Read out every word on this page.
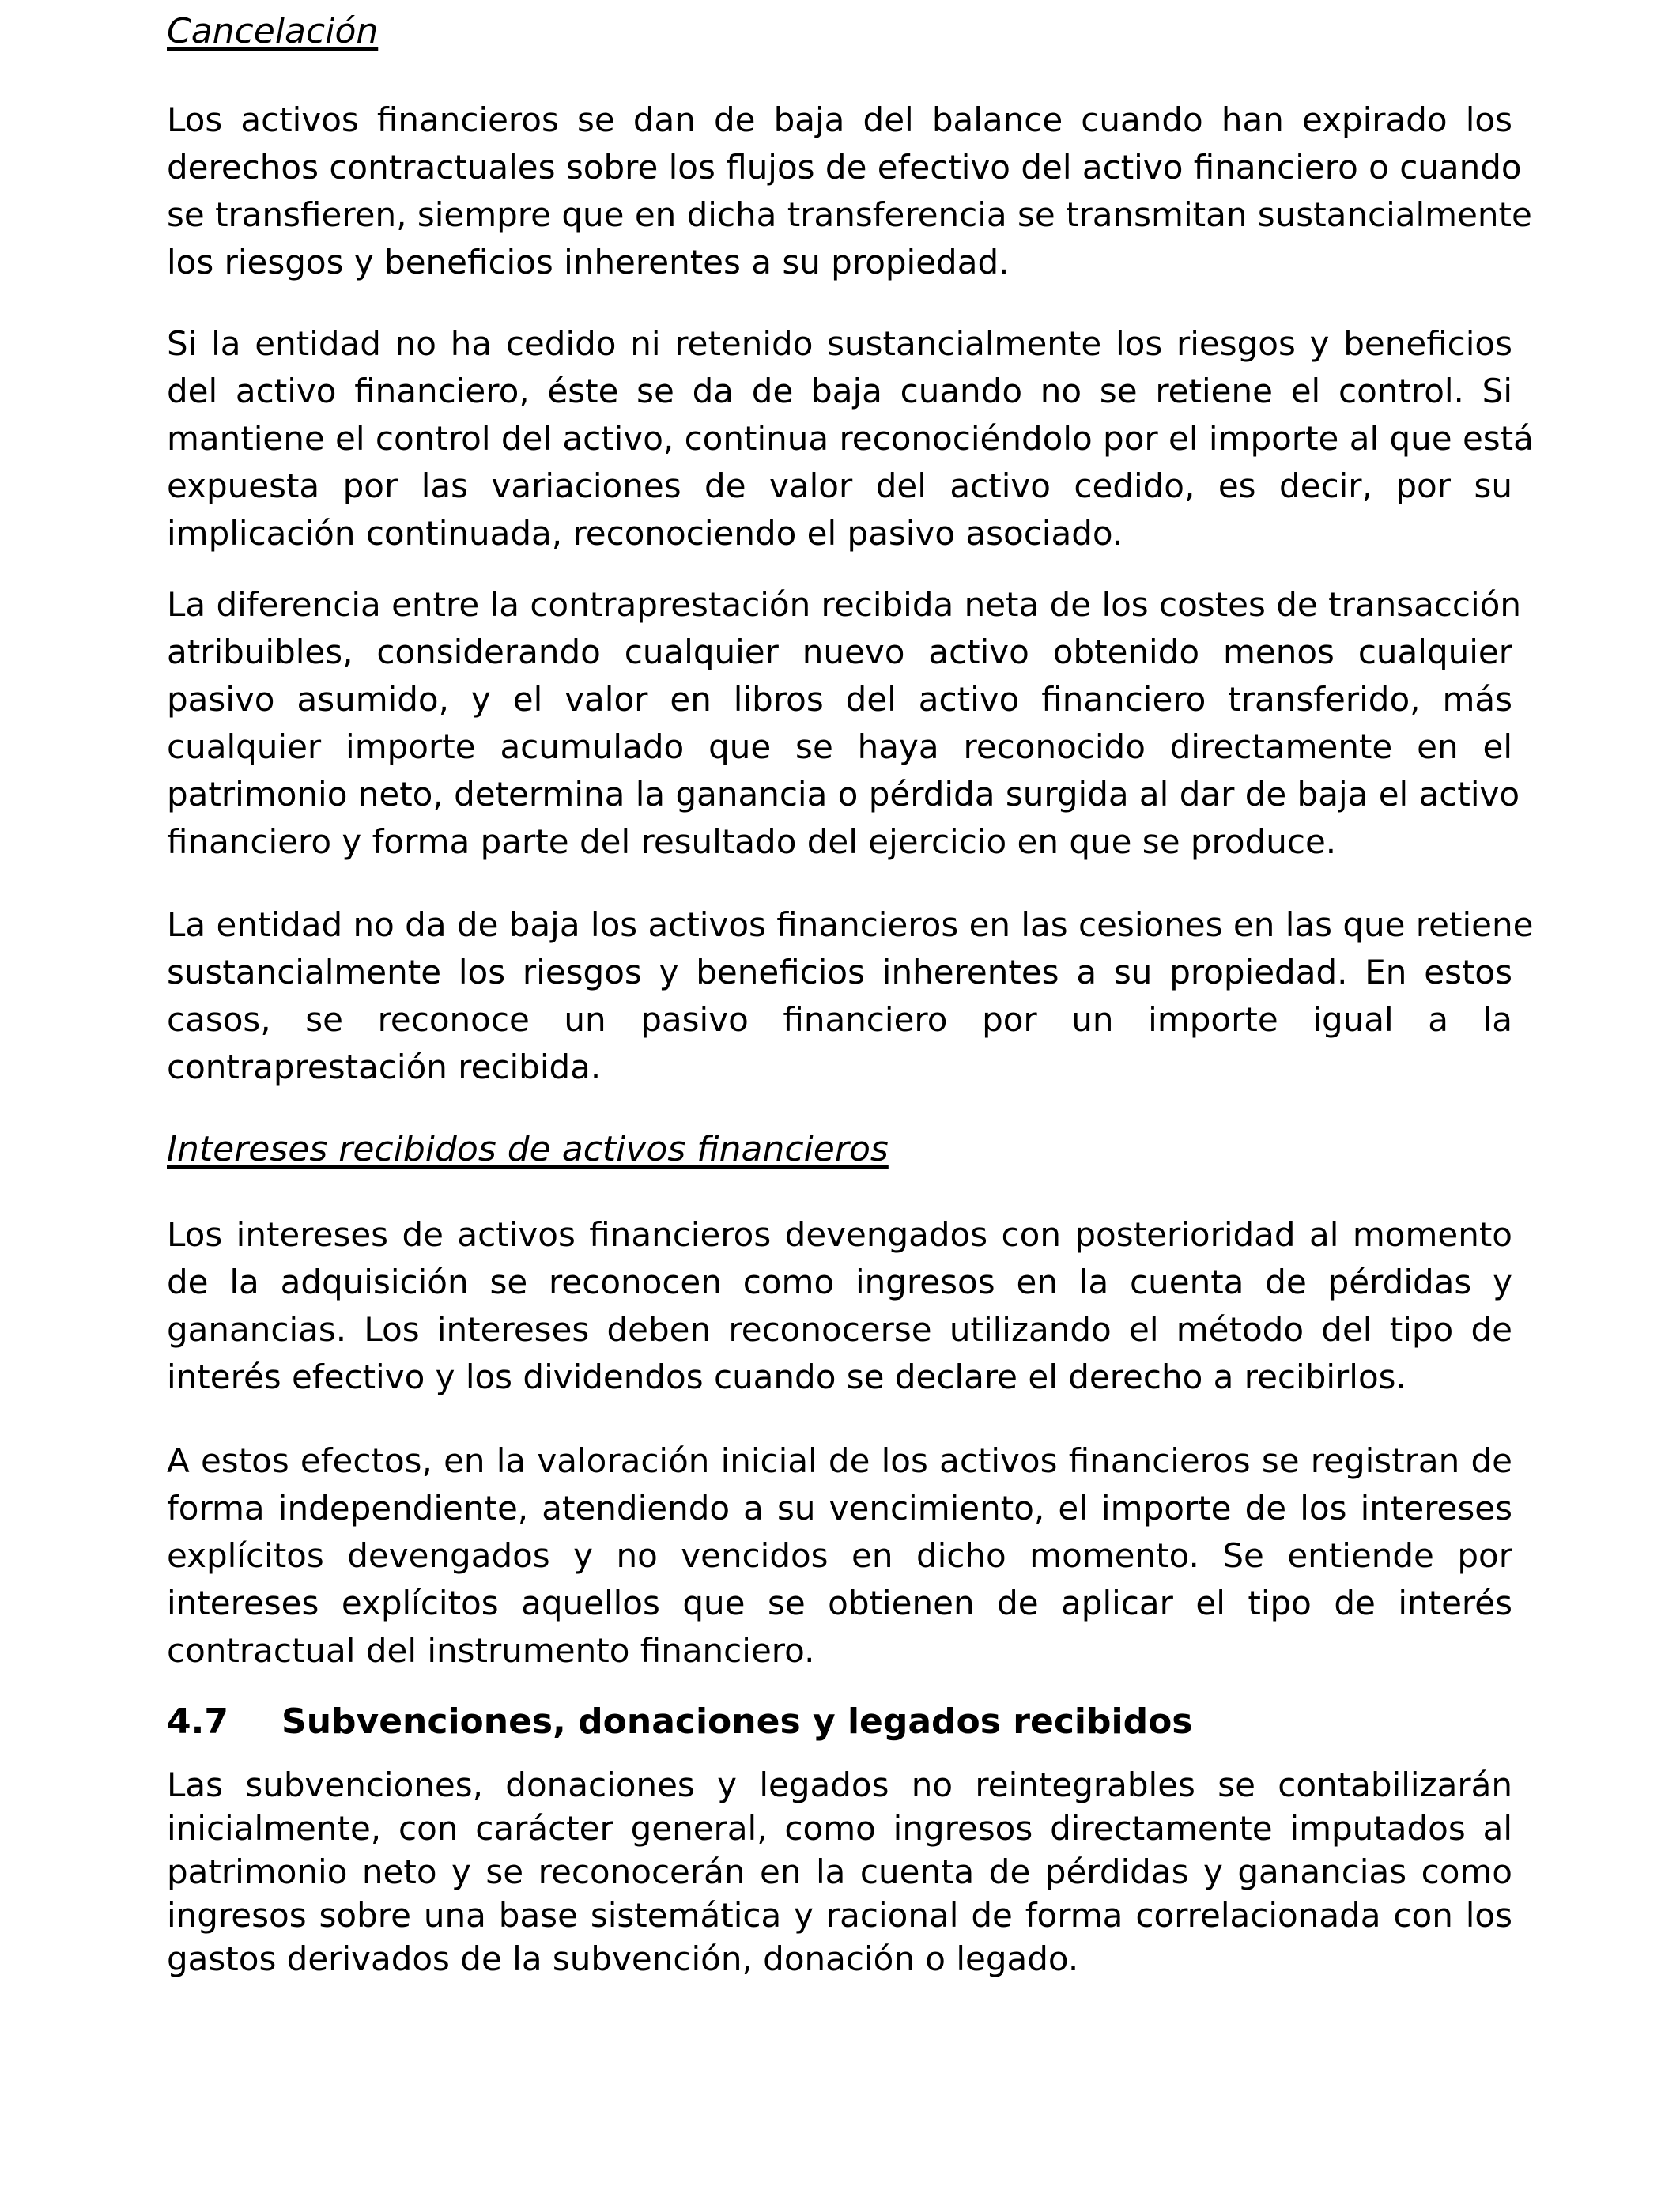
Cancelación

Los activos financieros se dan de baja del balance cuando han expirado los
derechos contractuales sobre los flujos de efectivo del activo financiero o cuando
se transfieren, siempre que en dicha transferencia se transmitan sustancialmente
los riesgos y beneficios inherentes a su propiedad.
Si la entidad no ha cedido ni retenido sustancialmente los riesgos y beneficios
del activo financiero, éste se da de baja cuando no se retiene el control. Si
mantiene el control del activo, continua reconociéndolo por el importe al que está
expuesta por las variaciones de valor del activo cedido, es decir, por su
implicación continuada, reconociendo el pasivo asociado.
La diferencia entre la contraprestación recibida neta de los costes de transacción
atribuibles, considerando cualquier nuevo activo obtenido menos cualquier
pasivo asumido, y el valor en libros del activo financiero transferido, más
cualquier importe acumulado que se haya reconocido directamente en el
patrimonio neto, determina la ganancia o pérdida surgida al dar de baja el activo
financiero y forma parte del resultado del ejercicio en que se produce.
La entidad no da de baja los activos financieros en las cesiones en las que retiene
sustancialmente los riesgos y beneficios inherentes a su propiedad. En estos
casos, se reconoce un pasivo financiero por un importe igual a la
contraprestación recibida.

Intereses recibidos de activos financieros

Los intereses de activos financieros devengados con posterioridad al momento
de la adquisición se reconocen como ingresos en la cuenta de pérdidas y
ganancias. Los intereses deben reconocerse utilizando el método del tipo de
interés efectivo y los dividendos cuando se declare el derecho a recibirlos.
A estos efectos, en la valoración inicial de los activos financieros se registran de
forma independiente, atendiendo a su vencimiento, el importe de los intereses
explícitos devengados y no vencidos en dicho momento. Se entiende por
intereses explícitos aquellos que se obtienen de aplicar el tipo de interés
contractual del instrumento financiero.

4.7 Subvenciones, donaciones y legados recibidos

Las subvenciones, donaciones y legados no reintegrables se contabilizarán
inicialmente, con carácter general, como ingresos directamente imputados al
patrimonio neto y se reconocerán en la cuenta de pérdidas y ganancias como
ingresos sobre una base sistemática y racional de forma correlacionada con los
gastos derivados de la subvención, donación o legado.
